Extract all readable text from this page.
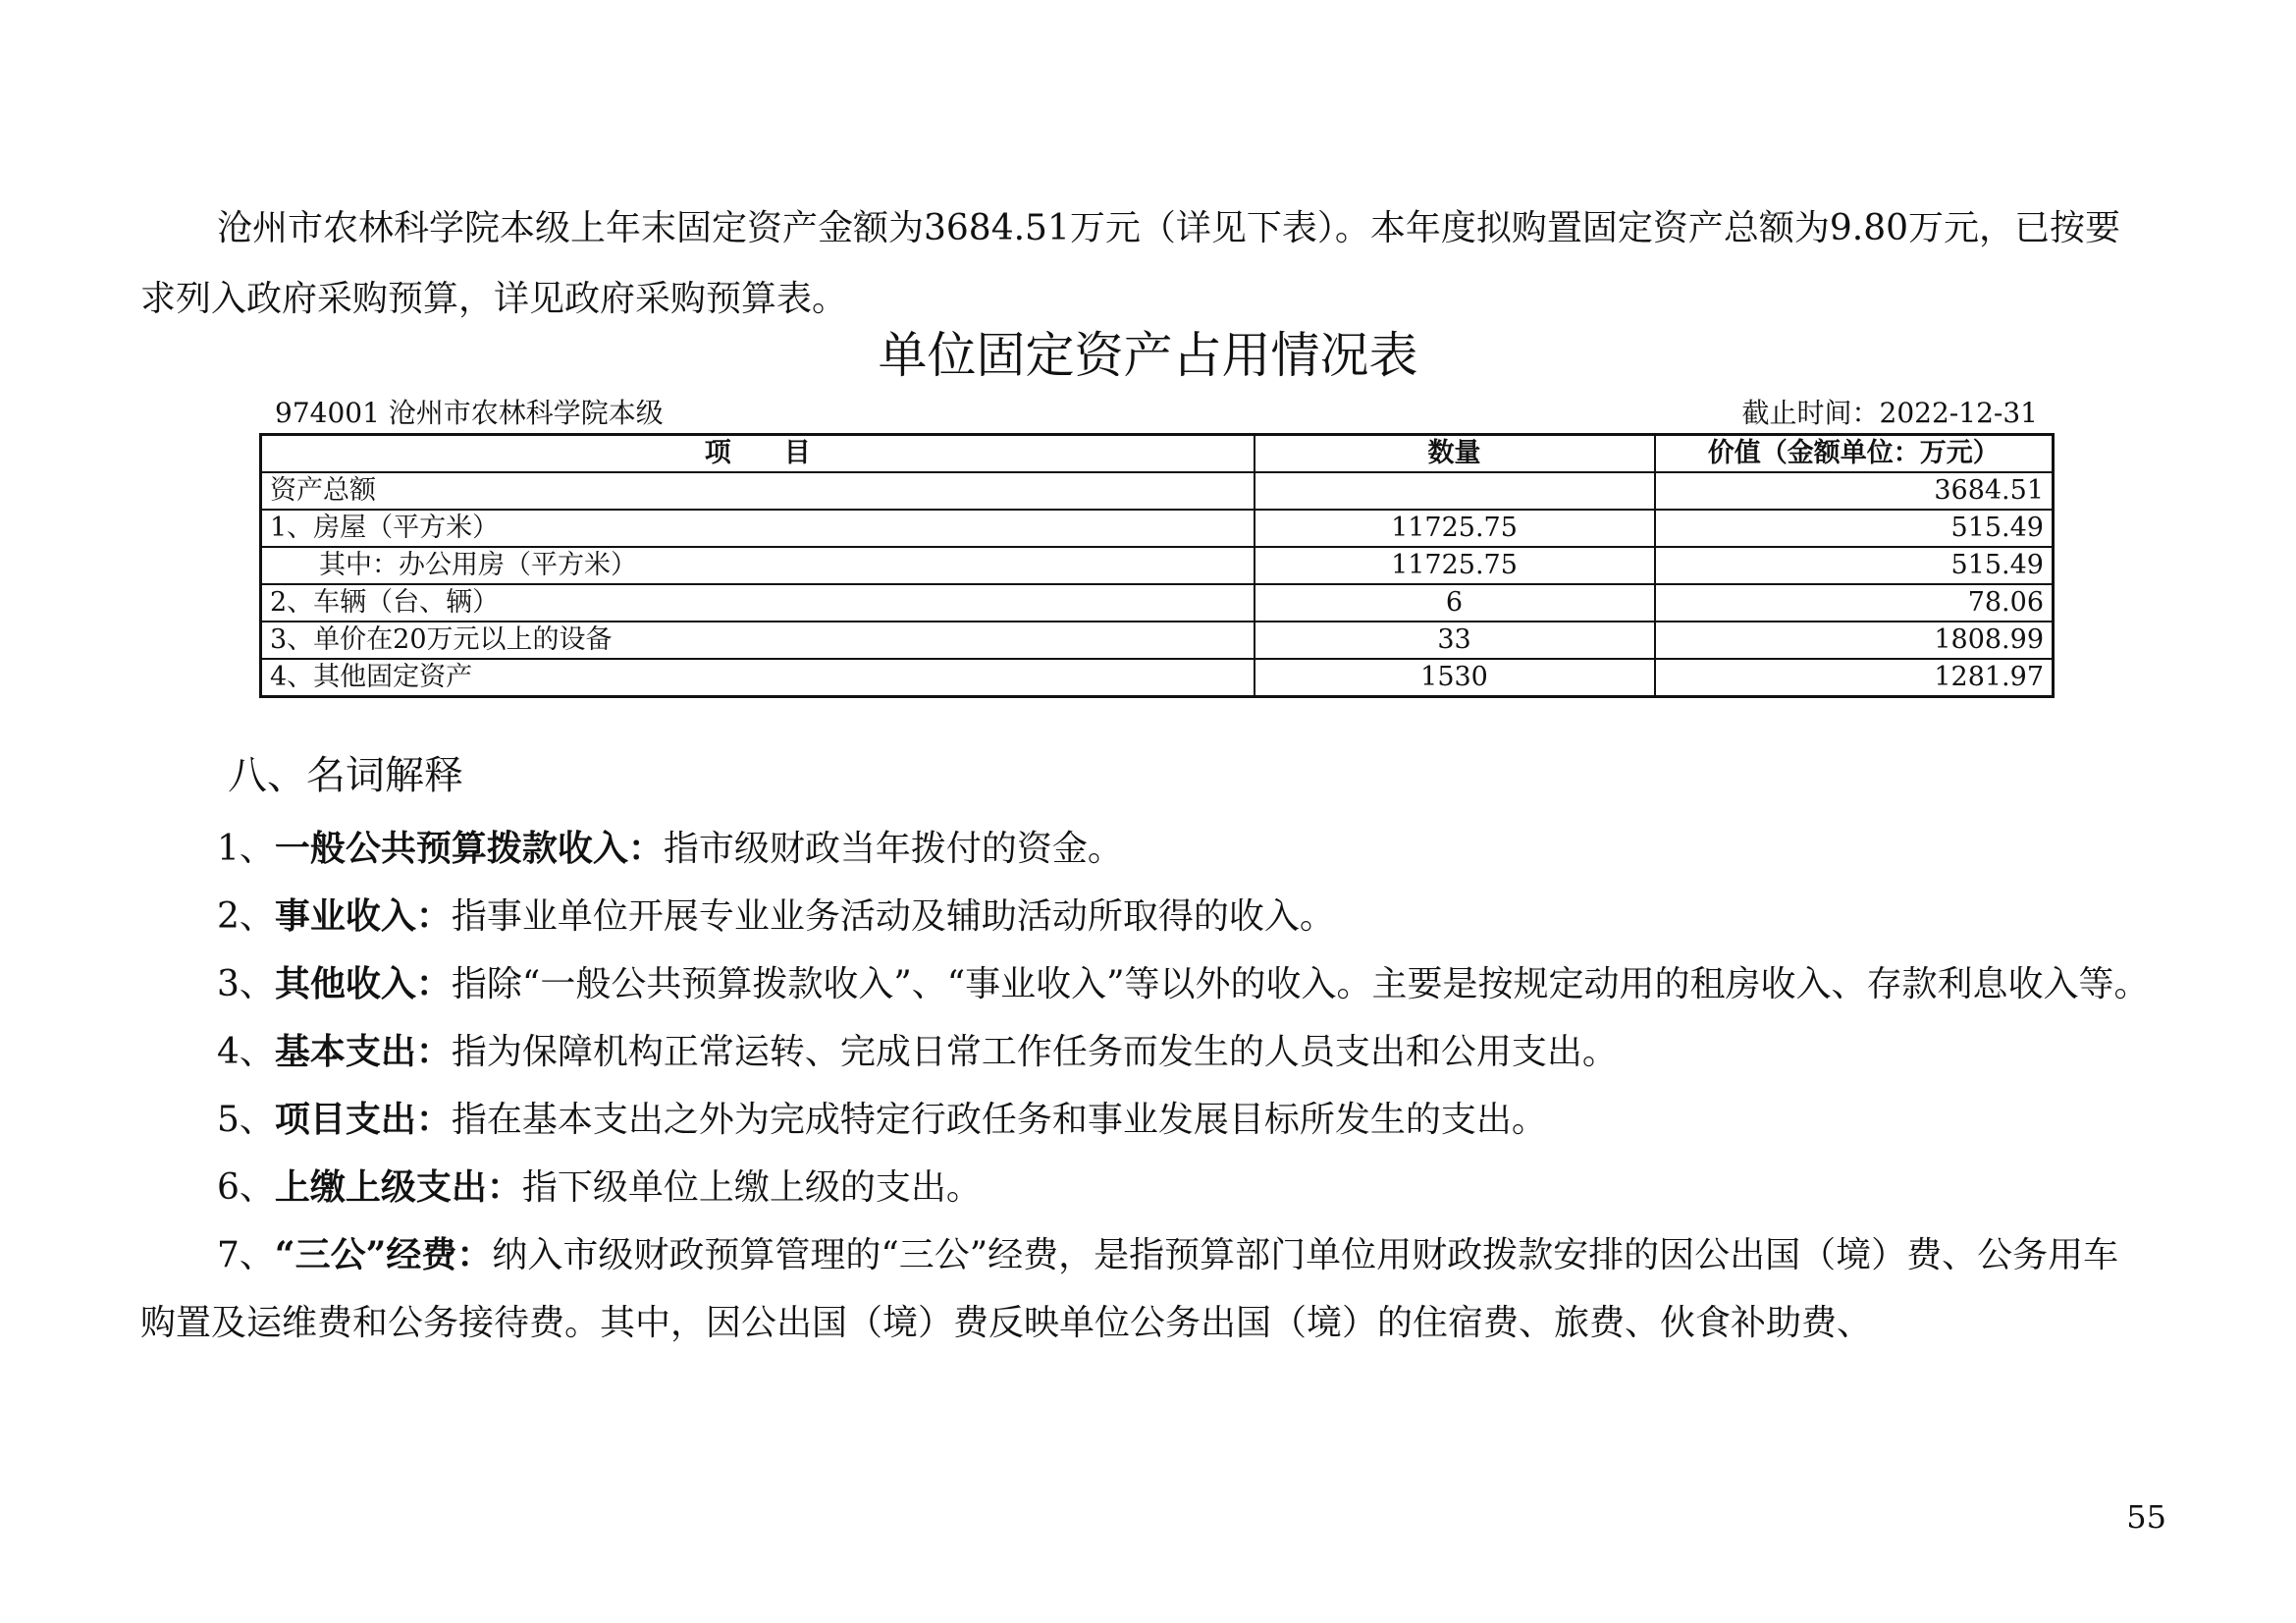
沧州市农林科学院本级上年末固定资产金额为3684.51万元（详见下表）。本年度拟购置固定资产总额为9.80万元，已按要求列入政府采购预算，详见政府采购预算表。

单位固定资产占用情况表
974001 沧州市农林科学院本级	截止时间：2022-12-31
项　　目	数量	价值（金额单位：万元）
资产总额		3684.51
1、房屋（平方米）	11725.75	515.49
其中：办公用房（平方米）	11725.75	515.49
2、车辆（台、辆）	6	78.06
3、单价在20万元以上的设备	33	1808.99
4、其他固定资产	1530	1281.97
八、名词解释

1、一般公共预算拨款收入：指市级财政当年拨付的资金。

2、事业收入：指事业单位开展专业业务活动及辅助活动所取得的收入。

3、其他收入：指除“一般公共预算拨款收入”、“事业收入”等以外的收入。主要是按规定动用的租房收入、存款利息收入等。

4、基本支出：指为保障机构正常运转、完成日常工作任务而发生的人员支出和公用支出。

5、项目支出：指在基本支出之外为完成特定行政任务和事业发展目标所发生的支出。

6、上缴上级支出：指下级单位上缴上级的支出。

7、“三公”经费：纳入市级财政预算管理的“三公”经费，是指预算部门单位用财政拨款安排的因公出国（境）费、公务用车购置及运维费和公务接待费。其中，因公出国（境）费反映单位公务出国（境）的住宿费、旅费、伙食补助费、

55
